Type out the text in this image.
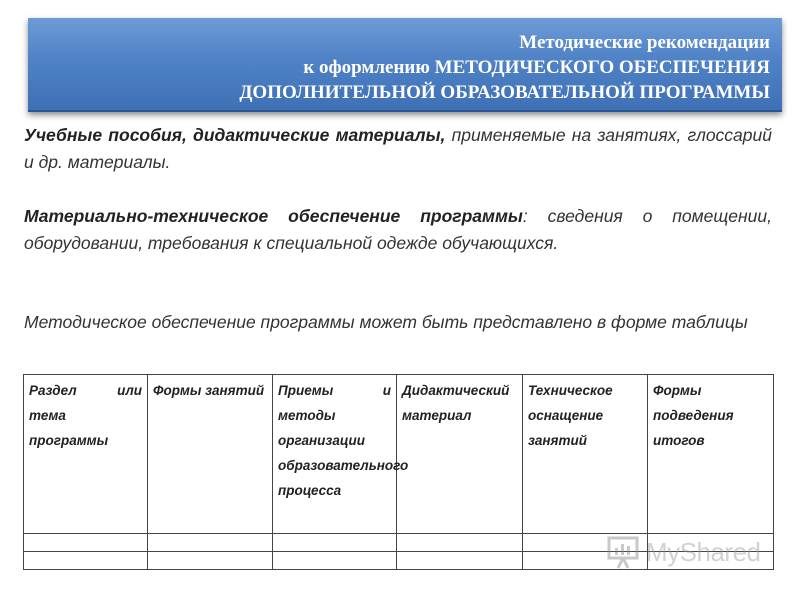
Методические рекомендации
к оформлению МЕТОДИЧЕСКОГО ОБЕСПЕЧЕНИЯ
ДОПОЛНИТЕЛЬНОЙ ОБРАЗОВАТЕЛЬНОЙ ПРОГРАММЫ
Учебные пособия, дидактические материалы, применяемые на занятиях, глоссарий и др. материалы.
Материально-техническое обеспечение программы: сведения о помещении, оборудовании, требования к специальной одежде обучающихся.
Методическое обеспечение программы может быть представлено в форме таблицы
Раздел или тема программы	Формы занятий	Приемы и методы организации образовательного процесса	Дидактический материал	Техническое оснащение занятий	Формы подведения итогов

MyShared
